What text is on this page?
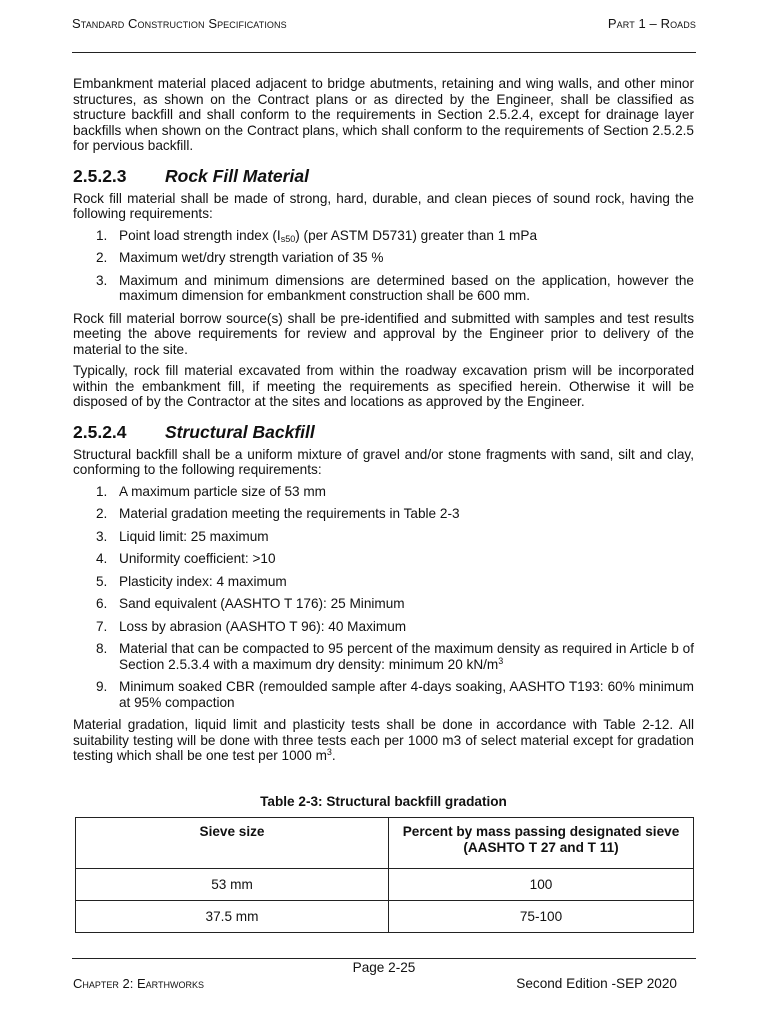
Standard Construction Specifications	Part 1 – Roads

Embankment material placed adjacent to bridge abutments, retaining and wing walls, and other minor structures, as shown on the Contract plans or as directed by the Engineer, shall be classified as structure backfill and shall conform to the requirements in Section 2.5.2.4, except for drainage layer backfills when shown on the Contract plans, which shall conform to the requirements of Section 2.5.2.5 for pervious backfill.

2.5.2.3 Rock Fill Material

Rock fill material shall be made of strong, hard, durable, and clean pieces of sound rock, having the following requirements:

1. Point load strength index $(I_{s50})$ (per ASTM D5731) greater than 1 mPa
2. Maximum wet/dry strength variation of 35 %
3. Maximum and minimum dimensions are determined based on the application, however the maximum dimension for embankment construction shall be 600 mm.

Rock fill material borrow source(s) shall be pre-identified and submitted with samples and test results meeting the above requirements for review and approval by the Engineer prior to delivery of the material to the site.

Typically, rock fill material excavated from within the roadway excavation prism will be incorporated within the embankment fill, if meeting the requirements as specified herein. Otherwise it will be disposed of by the Contractor at the sites and locations as approved by the Engineer.

2.5.2.4 Structural Backfill

Structural backfill shall be a uniform mixture of gravel and/or stone fragments with sand, silt and clay, conforming to the following requirements:

1. A maximum particle size of 53 mm
2. Material gradation meeting the requirements in Table 2-3
3. Liquid limit: 25 maximum
4. Uniformity coefficient: >10
5. Plasticity index: 4 maximum
6. Sand equivalent (AASHTO T 176): 25 Minimum
7. Loss by abrasion (AASHTO T 96): 40 Maximum
8. Material that can be compacted to 95 percent of the maximum density as required in Article b of Section 2.5.3.4 with a maximum dry density: minimum 20 $kN/m^3$
9. Minimum soaked CBR (remoulded sample after 4-days soaking, AASHTO T193: 60% minimum at 95% compaction

Material gradation, liquid limit and plasticity tests shall be done in accordance with Table 2-12. All suitability testing will be done with three tests each per 1000 m3 of select material except for gradation testing which shall be one test per 1000 $m^3$.

Table 2-3: Structural backfill gradation
Sieve size	Percent by mass passing designated sieve (AASHTO T 27 and T 11)
53 mm	100
37.5 mm	75-100
Page 2-25
Chapter 2: Earthworks	Second Edition -SEP 2020
